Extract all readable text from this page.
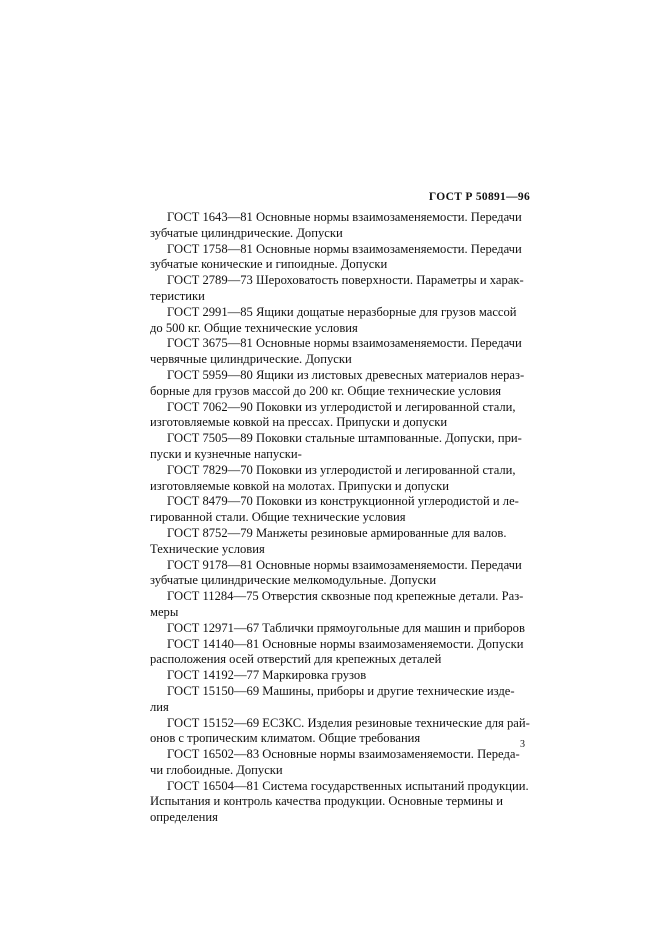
ГОСТ Р 50891—96
ГОСТ 1643—81 Основные нормы взаимозаменяемости. Передачи
зубчатые цилиндрические. Допуски
ГОСТ 1758—81 Основные нормы взаимозаменяемости. Передачи
зубчатые конические и гипоидные. Допуски
ГОСТ 2789—73 Шероховатость поверхности. Параметры и харак-
теристики
ГОСТ 2991—85 Ящики дощатые неразборные для грузов массой
до 500 кг. Общие технические условия
ГОСТ 3675—81 Основные нормы взаимозаменяемости. Передачи
червячные цилиндрические. Допуски
ГОСТ 5959—80 Ящики из листовых древесных материалов нераз-
борные для грузов массой до 200 кг. Общие технические условия
ГОСТ 7062—90 Поковки из углеродистой и легированной стали,
изготовляемые ковкой на прессах. Припуски и допуски
ГОСТ 7505—89 Поковки стальные штампованные. Допуски, при-
пуски и кузнечные напуски-
ГОСТ 7829—70 Поковки из углеродистой и легированной стали,
изготовляемые ковкой на молотах. Припуски и допуски
ГОСТ 8479—70 Поковки из конструкционной углеродистой и ле-
гированной стали. Общие технические условия
ГОСТ 8752—79 Манжеты резиновые армированные для валов.
Технические условия
ГОСТ 9178—81 Основные нормы взаимозаменяемости. Передачи
зубчатые цилиндрические мелкомодульные. Допуски
ГОСТ 11284—75 Отверстия сквозные под крепежные детали. Раз-
меры
ГОСТ 12971—67 Таблички прямоугольные для машин и приборов
ГОСТ 14140—81 Основные нормы взаимозаменяемости. Допуски
расположения осей отверстий для крепежных деталей
ГОСТ 14192—77 Маркировка грузов
ГОСТ 15150—69 Машины, приборы и другие технические изде-
лия
ГОСТ 15152—69 ЕСЗКС. Изделия резиновые технические для рай-
онов с тропическим климатом. Общие требования
ГОСТ 16502—83 Основные нормы взаимозаменяемости. Переда-
чи глобоидные. Допуски
ГОСТ 16504—81 Система государственных испытаний продукции.
Испытания и контроль качества продукции. Основные термины и
определения
3
